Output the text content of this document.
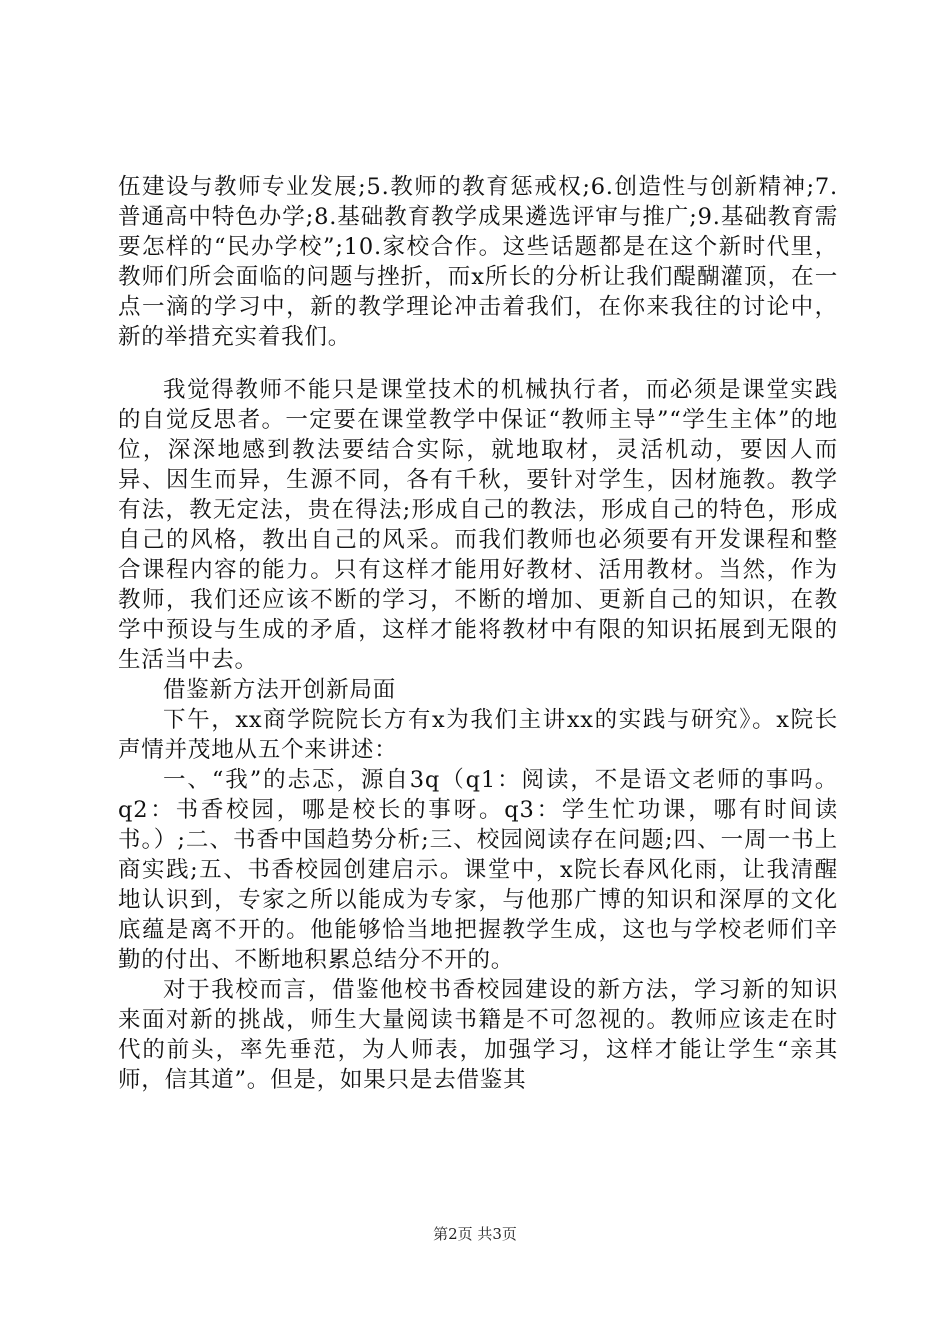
伍建设与教师专业发展;5.教师的教育惩戒权;6.创造性与创新精神;7.普通高中特色办学;8.基础教育教学成果遴选评审与推广;9.基础教育需要怎样的“民办学校”;10.家校合作。这些话题都是在这个新时代里，教师们所会面临的问题与挫折，而x所长的分析让我们醍醐灌顶，在一点一滴的学习中，新的教学理论冲击着我们，在你来我往的讨论中，新的举措充实着我们。

我觉得教师不能只是课堂技术的机械执行者，而必须是课堂实践的自觉反思者。一定要在课堂教学中保证“教师主导”“学生主体”的地位，深深地感到教法要结合实际，就地取材，灵活机动，要因人而异、因生而异，生源不同，各有千秋，要针对学生，因材施教。教学有法，教无定法，贵在得法;形成自己的教法，形成自己的特色，形成自己的风格，教出自己的风采。而我们教师也必须要有开发课程和整合课程内容的能力。只有这样才能用好教材、活用教材。当然，作为教师，我们还应该不断的学习，不断的增加、更新自己的知识，在教学中预设与生成的矛盾，这样才能将教材中有限的知识拓展到无限的生活当中去。

借鉴新方法开创新局面

下午，xx商学院院长方有x为我们主讲xx的实践与研究》。x院长声情并茂地从五个来讲述：

一、“我”的忐忑，源自3q（q1：阅读，不是语文老师的事吗。q2：书香校园，哪是校长的事呀。q3：学生忙功课，哪有时间读书。）;二、书香中国趋势分析;三、校园阅读存在问题;四、一周一书上商实践;五、书香校园创建启示。课堂中，x院长春风化雨，让我清醒地认识到，专家之所以能成为专家，与他那广博的知识和深厚的文化底蕴是离不开的。他能够恰当地把握教学生成，这也与学校老师们辛勤的付出、不断地积累总结分不开的。

对于我校而言，借鉴他校书香校园建设的新方法，学习新的知识来面对新的挑战，师生大量阅读书籍是不可忽视的。教师应该走在时代的前头，率先垂范，为人师表，加强学习，这样才能让学生“亲其师，信其道”。但是，如果只是去借鉴其

第2页 共3页
